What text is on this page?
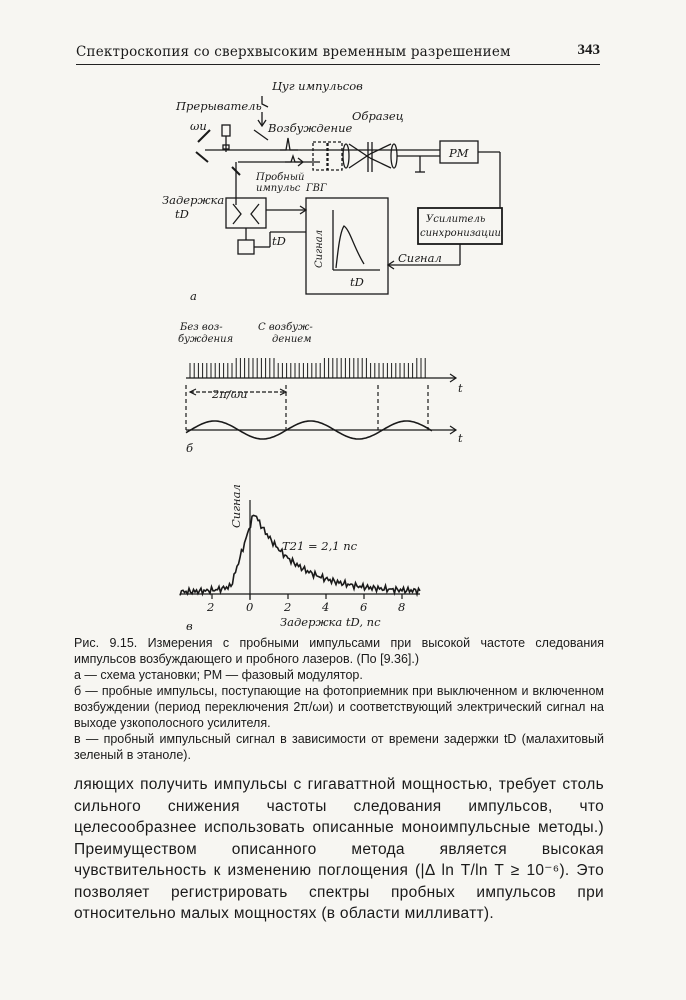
Спектроскопия со сверхвысоким временным разрешением	343
Цуг импульсов
Прерыватель
ωи	Возбуждение
Образец
Пробный
импульс ГВГ
Задержка
tD
РМ
Усилитель
синхронизации
Сигнал
tD	Сигнал
tD
а
Без воз-
буждения
С возбуж-
дением
2π/ωи	t
t
б
Сигнал
T21 = 2,1 пс
2	0	2	4	6	8
Задержка tD, пс
в

Рис. 9.15. Измерения с пробными импульсами при высокой частоте следования импульсов возбуждающего и пробного лазеров. (По [9.36].)

а — схема установки; РМ — фазовый модулятор.

б — пробные импульсы, поступающие на фотоприемник при выключенном и включенном возбуждении (период переключения 2π/ωи) и соответствующий электрический сигнал на выходе узкополосного усилителя.

в — пробный импульсный сигнал в зависимости от времени задержки tD (малахитовый зеленый в этаноле).

ляющих получить импульсы с гигаваттной мощностью, требует столь сильного снижения частоты следования импульсов, что целесообразнее использовать описанные моноимпульсные методы.) Преимуществом описанного метода является высокая чувствительность к изменению поглощения (|Δ ln T/ln T ≥ 10⁻⁶). Это позволяет регистрировать спектры пробных импульсов при относительно малых мощностях (в области милливатт).
